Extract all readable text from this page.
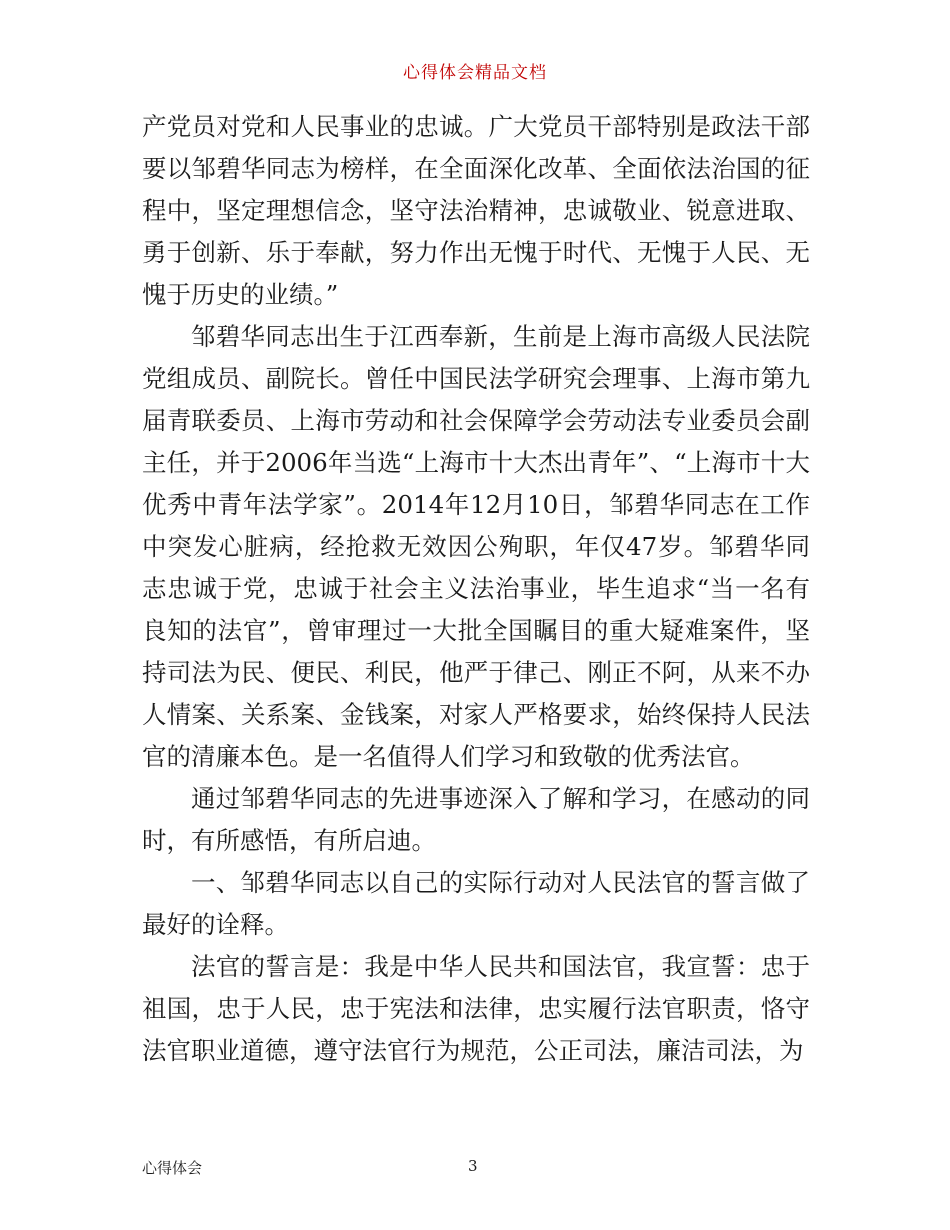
心得体会精品文档

产党员对党和人民事业的忠诚。广大党员干部特别是政法干部要以邹碧华同志为榜样，在全面深化改革、全面依法治国的征程中，坚定理想信念，坚守法治精神，忠诚敬业、锐意进取、勇于创新、乐于奉献，努力作出无愧于时代、无愧于人民、无愧于历史的业绩。”

邹碧华同志出生于江西奉新，生前是上海市高级人民法院党组成员、副院长。曾任中国民法学研究会理事、上海市第九届青联委员、上海市劳动和社会保障学会劳动法专业委员会副主任，并于2006年当选“上海市十大杰出青年”、“上海市十大优秀中青年法学家”。2014年12月10日，邹碧华同志在工作中突发心脏病，经抢救无效因公殉职，年仅47岁。邹碧华同志忠诚于党，忠诚于社会主义法治事业，毕生追求“当一名有良知的法官”，曾审理过一大批全国瞩目的重大疑难案件，坚持司法为民、便民、利民，他严于律己、刚正不阿，从来不办人情案、关系案、金钱案，对家人严格要求，始终保持人民法官的清廉本色。是一名值得人们学习和致敬的优秀法官。

通过邹碧华同志的先进事迹深入了解和学习，在感动的同时，有所感悟，有所启迪。

一、邹碧华同志以自己的实际行动对人民法官的誓言做了最好的诠释。

法官的誓言是：我是中华人民共和国法官，我宣誓：忠于祖国，忠于人民，忠于宪法和法律，忠实履行法官职责，恪守法官职业道德，遵守法官行为规范，公正司法，廉洁司法，为

心得体会	3
